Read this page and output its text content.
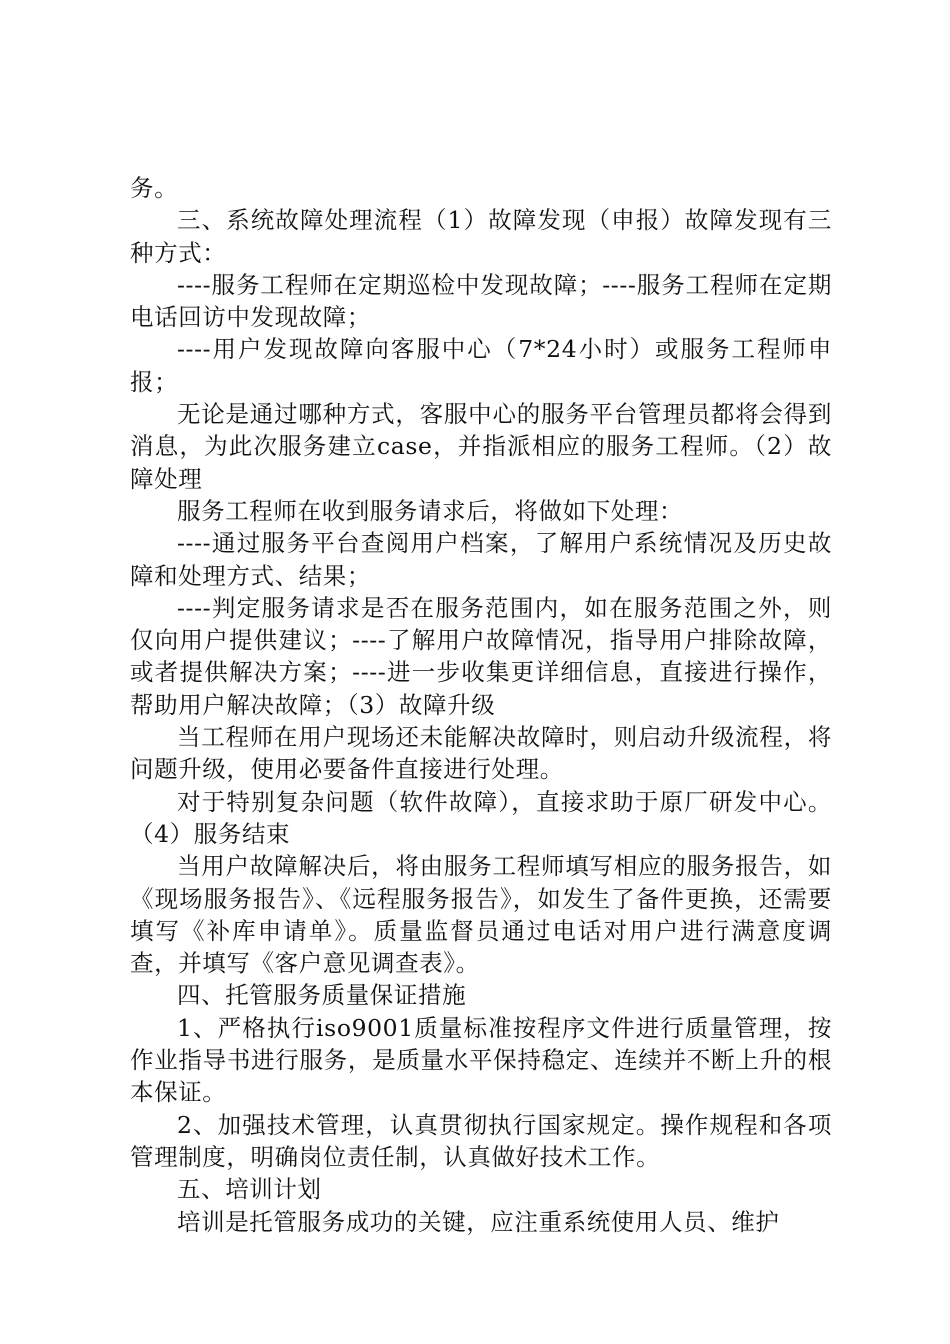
务。

三、系统故障处理流程（1）故障发现（申报）故障发现有三种方式：

----服务工程师在定期巡检中发现故障；----服务工程师在定期电话回访中发现故障；

----用户发现故障向客服中心（7*24小时）或服务工程师申报；

无论是通过哪种方式，客服中心的服务平台管理员都将会得到消息，为此次服务建立case，并指派相应的服务工程师。（2）故障处理

服务工程师在收到服务请求后，将做如下处理：

----通过服务平台查阅用户档案，了解用户系统情况及历史故障和处理方式、结果；

----判定服务请求是否在服务范围内，如在服务范围之外，则仅向用户提供建议；----了解用户故障情况，指导用户排除故障，或者提供解决方案；----进一步收集更详细信息，直接进行操作，帮助用户解决故障；（3）故障升级

当工程师在用户现场还未能解决故障时，则启动升级流程，将问题升级，使用必要备件直接进行处理。

对于特别复杂问题（软件故障），直接求助于原厂研发中心。（4）服务结束

当用户故障解决后，将由服务工程师填写相应的服务报告，如《现场服务报告》、《远程服务报告》，如发生了备件更换，还需要填写《补库申请单》。质量监督员通过电话对用户进行满意度调查，并填写《客户意见调查表》。

四、托管服务质量保证措施

1、严格执行iso9001质量标准按程序文件进行质量管理，按作业指导书进行服务，是质量水平保持稳定、连续并不断上升的根本保证。

2、加强技术管理，认真贯彻执行国家规定。操作规程和各项管理制度，明确岗位责任制，认真做好技术工作。

五、培训计划

培训是托管服务成功的关键，应注重系统使用人员、维护
